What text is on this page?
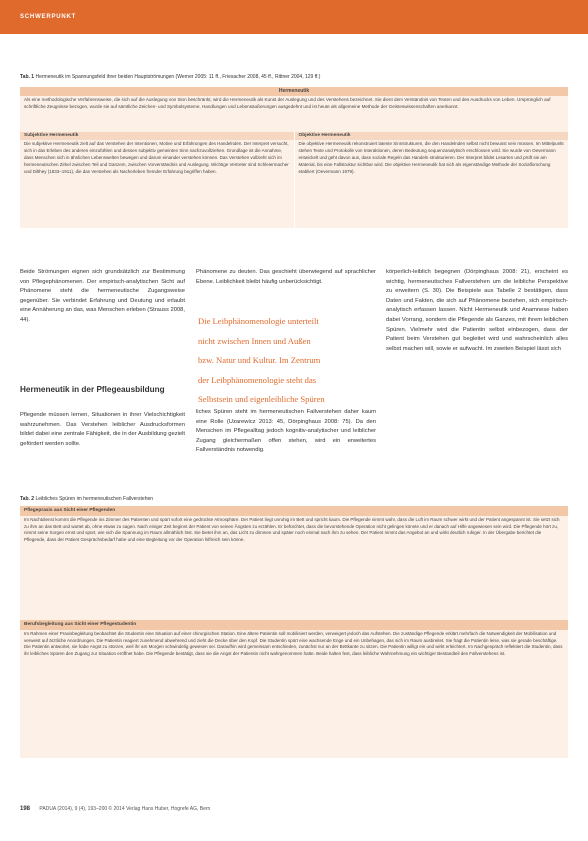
SCHWERPUNKT
Tab. 1 Hermeneutik im Spannungsfeld ihrer beiden Hauptströmungen (Werner 2005: 11 ff., Friesacher 2008, 45 ff., Rittner 2004, 129 ff.)
Hermeneutik
Als eine methodologische Verfahrensweise, die sich auf die Auslegung von Sinn beschränkt, wird die Hermeneutik als Kunst der Auslegung und des Verstehens bezeichnet. Sie dient dem Verständnis von Texten und des Ausdrucks von Leben. Ursprünglich auf schriftliche Zeugnisse bezogen, wurde sie auf sämtliche Zeichen- und Symbolsysteme, Handlungen und Lebensäußerungen ausgedehnt und ist heute als allgemeine Methode der Geisteswissenschaften anerkannt.
Subjektive Hermeneutik
Die subjektive Hermeneutik zielt auf das Verstehen der Intentionen, Motive und Erfahrungen des Handelnden. Der Interpret versucht, sich in das Erleben des anderen einzufühlen und dessen subjektiv gemeinten Sinn nachzuvollziehen. Grundlage ist die Annahme, dass Menschen sich in ähnlichen Lebenswelten bewegen und darum einander verstehen können. Das Verstehen vollzieht sich im hermeneutischen Zirkel zwischen Teil und Ganzem, zwischen Vorverständnis und Auslegung. Wichtige Vertreter sind Schleiermacher und Dilthey (1833–1911), die das Verstehen als Nacherleben fremder Erfahrung begriffen haben.
Objektive Hermeneutik
Die objektive Hermeneutik rekonstruiert latente Sinnstrukturen, die den Handelnden selbst nicht bewusst sein müssen. Im Mittelpunkt stehen Texte und Protokolle von Interaktionen, deren Bedeutung sequenzanalytisch erschlossen wird. Sie wurde von Oevermann entwickelt und geht davon aus, dass soziale Regeln das Handeln strukturieren. Der Interpret bildet Lesarten und prüft sie am Material, bis eine Fallstruktur sichtbar wird. Die objektive Hermeneutik hat sich als eigenständige Methode der Sozialforschung etabliert (Oevermann 1979).
Beide Strömungen eignen sich grundsätzlich zur Bestimmung von Pflegephänomenen. Der empirisch-analytischen Sicht auf Phänomene steht die hermeneutische Zugangsweise gegenüber. Sie verbindet Erfahrung und Deutung und erlaubt eine Annäherung an das, was Menschen erleben (Strauss 2008, 44).
Hermeneutik in der Pflegeausbildung
Pflegende müssen lernen, Situationen in ihrer Vielschichtigkeit wahrzunehmen. Das Verstehen leiblicher Ausdrucksformen bildet dabei eine zentrale Fähigkeit, die in der Ausbildung gezielt gefördert werden sollte.
Phänomene zu deuten. Das geschieht überwiegend auf sprachlicher Ebene. Leiblichkeit bleibt häufig unberücksichtigt.
Die Leibphänomenologie unterteilt
nicht zwischen Innen und Außen
bzw. Natur und Kultur. Im Zentrum
der Leibphänomenologie steht das
Selbstsein und eigenleibliche Spüren
liches Spüren steht im hermeneutischen Fallverstehen daher kaum eine Rolle (Uzarewicz 2013: 45, Dörpinghaus 2008: 75). Da den Menschen im Pflegealltag jedoch kognitiv-analytischer und leiblicher Zugang gleichermaßen offen stehen, wird ein erweitertes Fallverständnis notwendig.
körperlich-leiblich begegnen (Dörpinghaus 2008: 21), erscheint es wichtig, hermeneutisches Fallverstehen um die leibliche Perspektive zu erweitern (S. 30). Die Beispiele aus Tabelle 2 bestätigen, dass Daten und Fakten, die sich auf Phänomene beziehen, sich empirisch-analytisch erfassen lassen. Nicht Hermeneutik und Anamnese haben dabei Vorrang, sondern die Pflegende als Ganzes, mit ihrem leiblichen Spüren. Vielmehr wird die Patientin selbst einbezogen, dass der Patient beim Verstehen gut begleitet wird und wahrscheinlich alles selbst machen will, sowie er aufwacht. Im zweiten Beispiel lässt sich
Tab. 2 Leibliches Spüren im hermeneutischen Fallverstehen
Pflegepraxis aus Sicht einer Pflegenden
Im Nachtdienst kommt die Pflegende ins Zimmer des Patienten und spürt sofort eine gedrückte Atmosphäre. Der Patient liegt unruhig im Bett und spricht kaum. Die Pflegende nimmt wahr, dass die Luft im Raum schwer wirkt und der Patient angespannt ist. Sie setzt sich zu ihm an das Bett und wartet ab, ohne etwas zu sagen. Nach einiger Zeit beginnt der Patient von seinen Ängsten zu erzählen. Er befürchtet, dass die bevorstehende Operation nicht gelingen könnte und er danach auf Hilfe angewiesen sein wird. Die Pflegende hört zu, nimmt seine Sorgen ernst und spürt, wie sich die Spannung im Raum allmählich löst. Sie bietet ihm an, das Licht zu dimmen und später noch einmal nach ihm zu sehen. Der Patient nimmt das Angebot an und wirkt deutlich ruhiger. In der Übergabe berichtet die Pflegende, dass der Patient Gesprächsbedarf habe und eine Begleitung vor der Operation hilfreich sein könne.
Berufsbegleitung aus Sicht einer Pflegestudentin
Im Rahmen einer Praxisbegleitung beobachtet die Studentin eine Situation auf einer chirurgischen Station. Eine ältere Patientin soll mobilisiert werden, verweigert jedoch das Aufstehen. Die zuständige Pflegende erklärt mehrfach die Notwendigkeit der Mobilisation und verweist auf ärztliche Anordnungen. Die Patientin reagiert zunehmend abwehrend und zieht die Decke über den Kopf. Die Studentin spürt eine wachsende Enge und ein Unbehagen, das sich im Raum ausbreitet. Sie fragt die Patientin leise, was sie gerade beschäftige. Die Patientin antwortet, sie habe Angst zu stürzen, weil ihr am Morgen schwindelig gewesen sei. Daraufhin wird gemeinsam entschieden, zunächst nur an der Bettkante zu sitzen. Die Patientin willigt ein und wirkt erleichtert. Im Nachgespräch reflektiert die Studentin, dass ihr leibliches Spüren den Zugang zur Situation eröffnet habe. Die Pflegende bestätigt, dass sie die Angst der Patientin nicht wahrgenommen hatte. Beide halten fest, dass leibliche Wahrnehmung ein wichtiger Bestandteil des Fallverstehens ist.
198 PADUA (2014), 9 (4), 193–200 © 2014 Verlag Hans Huber, Hogrefe AG, Bern
